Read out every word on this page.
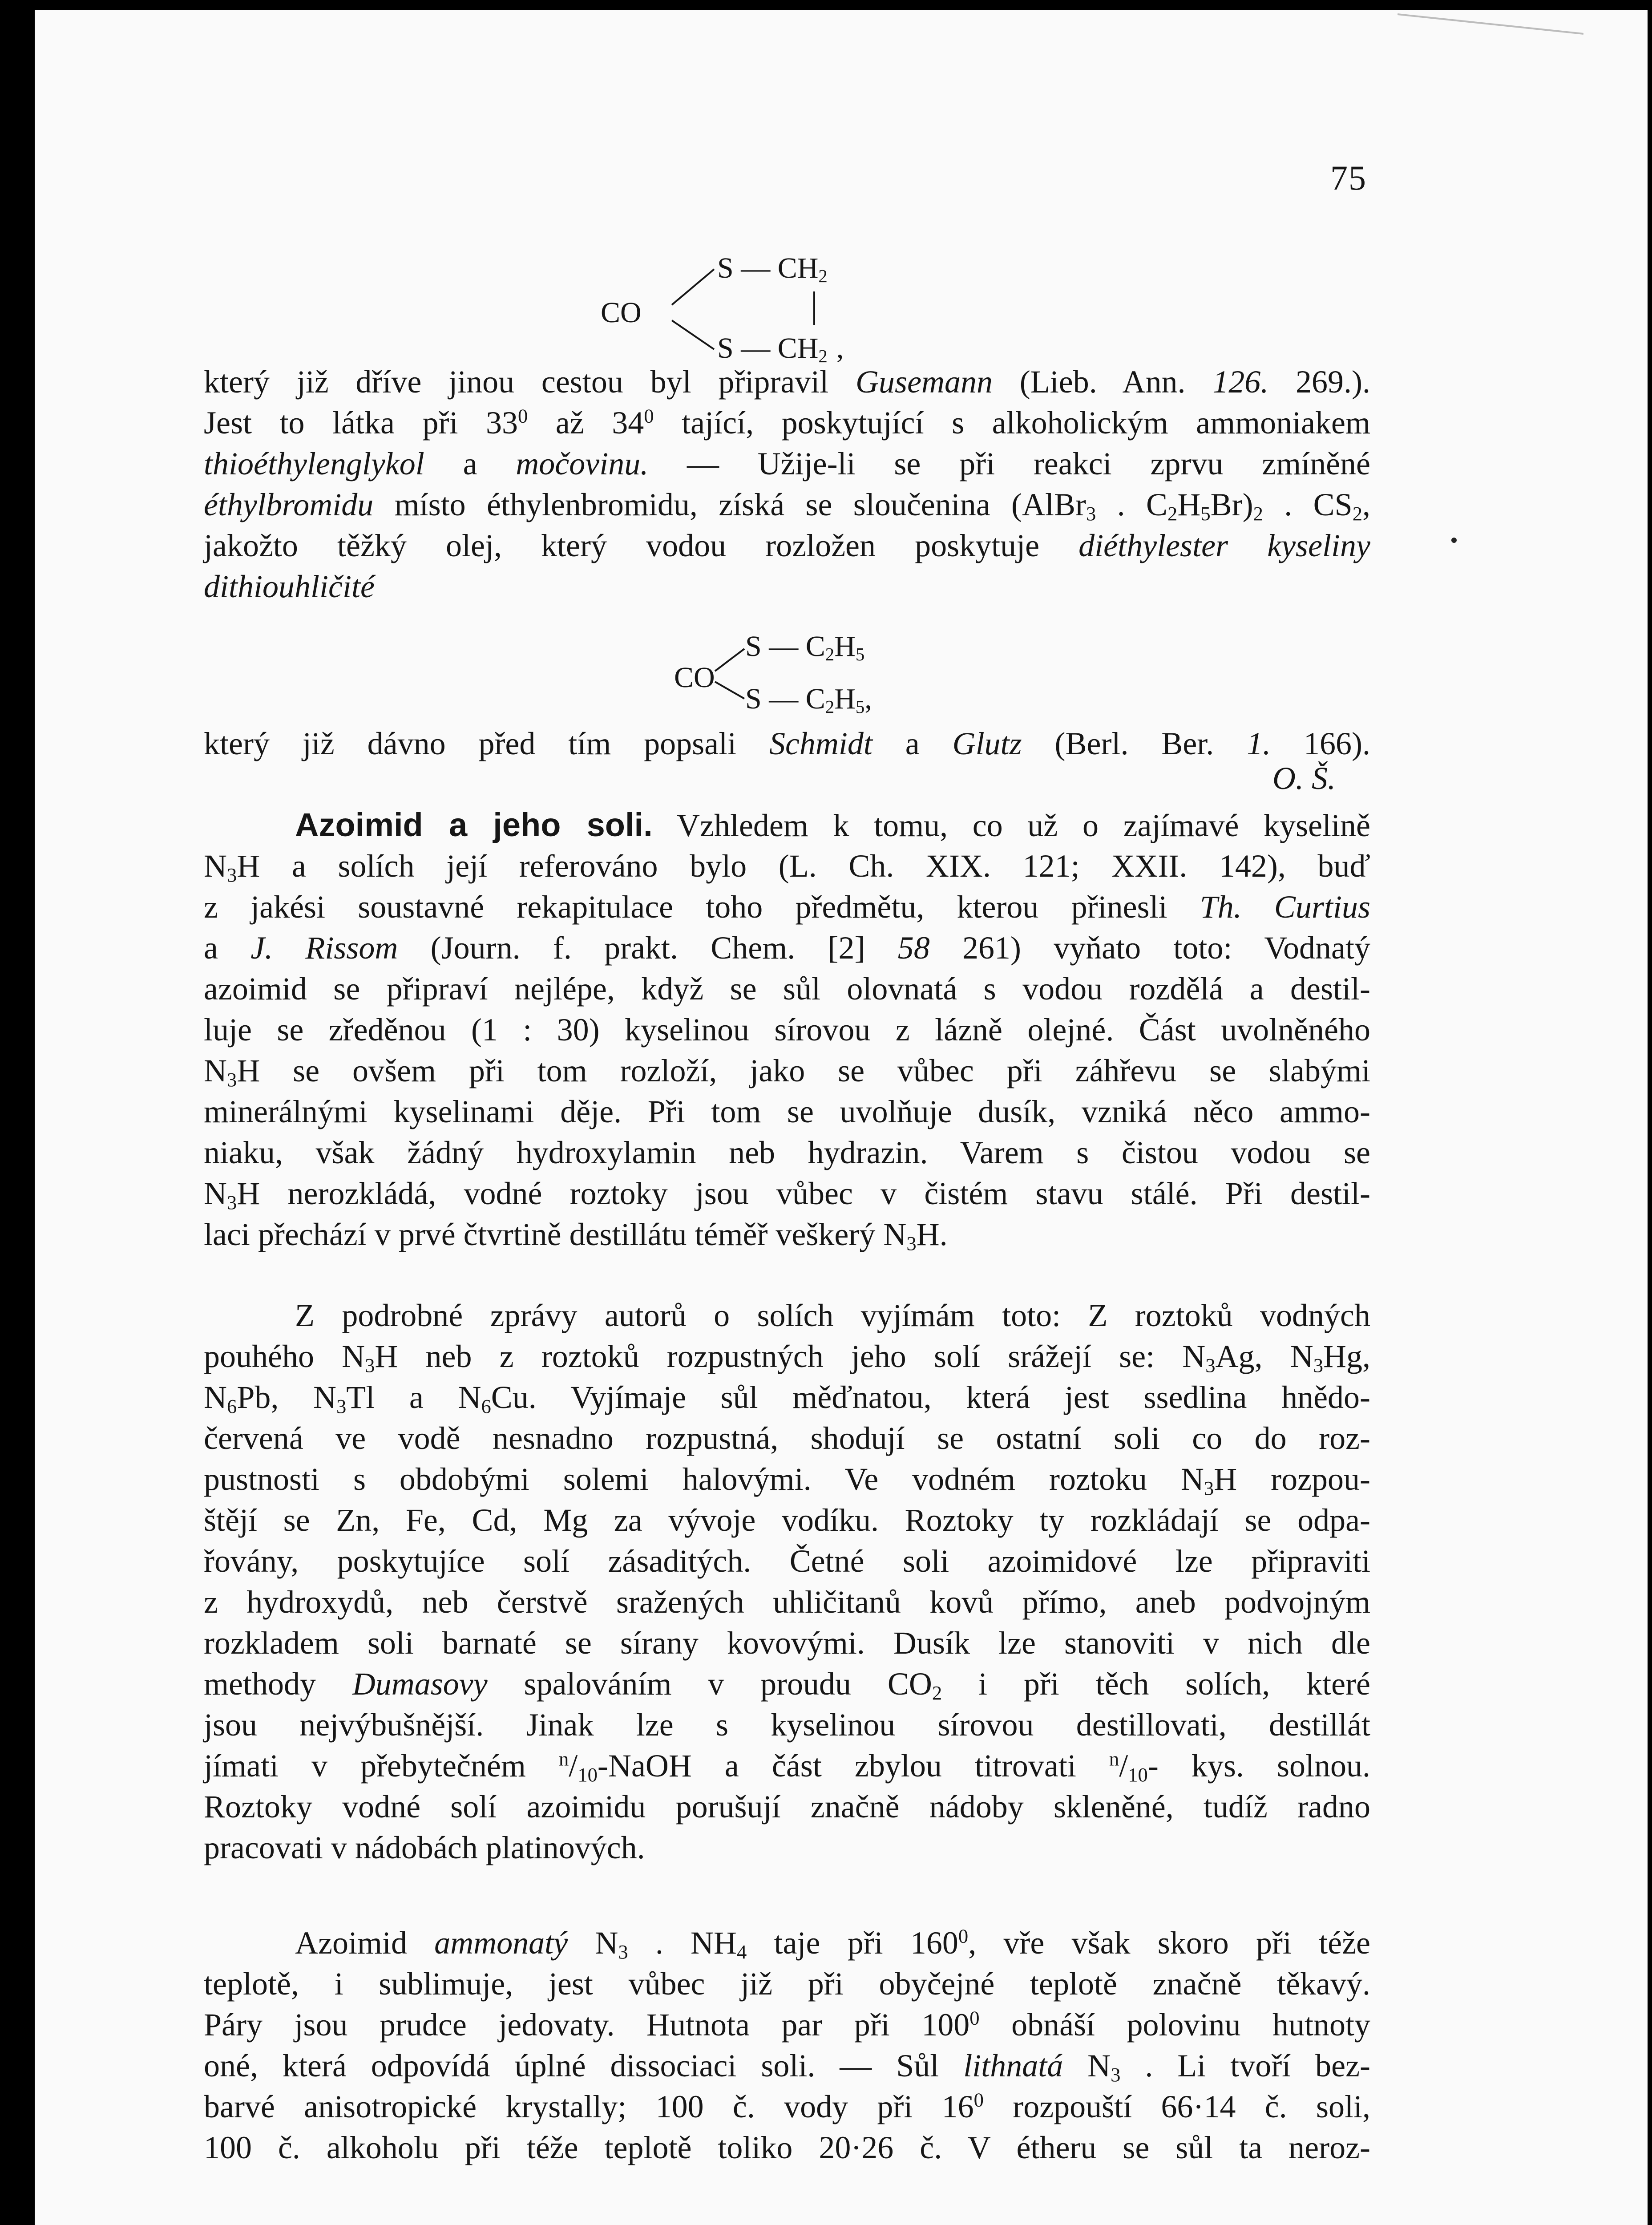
75
CO
S — $CH_2$
S — $CH_2$ ,
který již dříve jinou cestou byl připravil Gusemann (Lieb. Ann. 126. 269.).
Jest to látka při $33^0$ až $34^0$ tající, poskytující s alkoholickým ammoniakem
thioéthylenglykol a močovinu. — Užije-li se při reakci zprvu zmíněné
éthylbromidu místo éthylenbromidu, získá se sloučenina (AlBr$_3$ . $C_2H_5Br)_2$ . $CS_2$,
jakožto těžký olej, který vodou rozložen poskytuje diéthylester kyseliny
dithiouhličité
CO
S — $C_2H_5$
S — $C_2H_5$,
který již dávno před tím popsali Schmidt a Glutz (Berl. Ber. 1. 166).
O. Š.
Azoimid a jeho soli. Vzhledem k tomu, co už o zajímavé kyselině
$N_3H$ a solích její referováno bylo (L. Ch. XIX. 121; XXII. 142), buď
z jakési soustavné rekapitulace toho předmětu, kterou přinesli Th. Curtius
a J. Rissom (Journ. f. prakt. Chem. [2] 58 261) vyňato toto: Vodnatý
azoimid se připraví nejlépe, když se sůl olovnatá s vodou rozdělá a destil-
luje se zředěnou (1 : 30) kyselinou sírovou z lázně olejné. Část uvolněného
$N_3H$ se ovšem při tom rozloží, jako se vůbec při záhřevu se slabými
minerálnými kyselinami děje. Při tom se uvolňuje dusík, vzniká něco ammo-
niaku, však žádný hydroxylamin neb hydrazin. Varem s čistou vodou se
$N_3H$ nerozkládá, vodné roztoky jsou vůbec v čistém stavu stálé. Při destil-
laci přechází v prvé čtvrtině destillátu téměř veškerý $N_3H$.
Z podrobné zprávy autorů o solích vyjímám toto: Z roztoků vodných
pouhého $N_3H$ neb z roztoků rozpustných jeho solí srážejí se: $N_3Ag$, $N_3Hg$,
$N_6Pb$, $N_3Tl$ a $N_6Cu$. Vyjímaje sůl měďnatou, která jest ssedlina hnědo-
červená ve vodě nesnadno rozpustná, shodují se ostatní soli co do roz-
pustnosti s obdobými solemi halovými. Ve vodném roztoku $N_3H$ rozpou-
štějí se Zn, Fe, Cd, Mg za vývoje vodíku. Roztoky ty rozkládají se odpa-
řovány, poskytujíce solí zásaditých. Četné soli azoimidové lze připraviti
z hydroxydů, neb čerstvě sražených uhličitanů kovů přímo, aneb podvojným
rozkladem soli barnaté se sírany kovovými. Dusík lze stanoviti v nich dle
methody Dumasovy spalováním v proudu $CO_2$ i při těch solích, které
jsou nejvýbušnější. Jinak lze s kyselinou sírovou destillovati, destillát
jímati v přebytečném $^n/_{10}$-NaOH a část zbylou titrovati $^n/_{10}-$ kys. solnou.
Roztoky vodné solí azoimidu porušují značně nádoby skleněné, tudíž radno
pracovati v nádobách platinových.
Azoimid ammonatý $N_3$ . $NH_4$ taje při $160^0$, vře však skoro při téže
teplotě, i sublimuje, jest vůbec již při obyčejné teplotě značně těkavý.
Páry jsou prudce jedovaty. Hutnota par při $100^0$ obnáší polovinu hutnoty
oné, která odpovídá úplné dissociaci soli. — Sůl lithnatá $N_3$ . Li tvoří bez-
barvé anisotropické krystally; 100 č. vody při $16^0$ rozpouští 66·14 č. soli,
100 č. alkoholu při téže teplotě toliko 20·26 č. V étheru se sůl ta neroz-
